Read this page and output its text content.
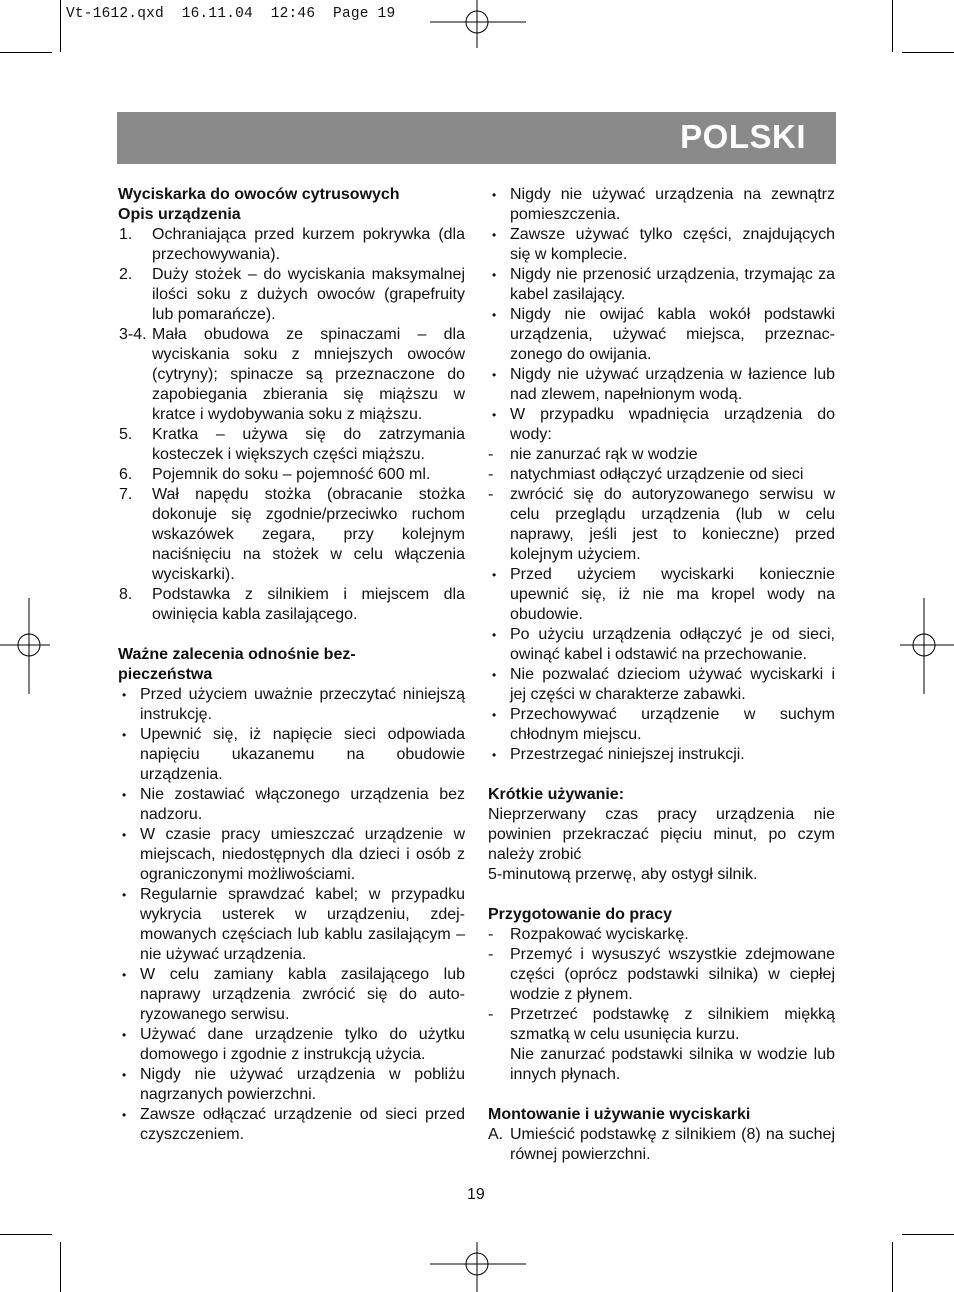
Vt-1612.qxd  16.11.04  12:46  Page 19
POLSKI
Wyciskarka do owoców cytrusowych
Opis urządzenia
1. Ochraniająca przed kurzem pokrywka (dla przechowywania).
2. Duży stożek – do wyciskania maksymalnej ilości soku z dużych owoców (grapefruity lub pomarańcze).
3-4. Mała obudowa ze spinaczami – dla wyciskania soku z mniejszych owoców (cytryny); spinacze są przeznaczone do zapobiegania zbierania się miąższu w kratce i wydobywania soku z miąższu.
5. Kratka – używa się do zatrzymania kosteczek i większych części miąższu.
6. Pojemnik do soku – pojemność 600 ml.
7. Wał napędu stożka (obracanie stożka dokonuje się zgodnie/przeciwko ruchom wskazówek zegara, przy kolejnym naciśnięciu na stożek w celu włączenia wyciskarki).
8. Podstawka z silnikiem i miejscem dla owinięcia kabla zasilającego.
Ważne zalecenia odnośnie bez-
pieczeństwa
• Przed użyciem uważnie przeczytać niniejszą instrukcję.
• Upewnić się, iż napięcie sieci odpowiada napięciu ukazanemu na obudowie urządzenia.
• Nie zostawiać włączonego urządzenia bez nadzoru.
• W czasie pracy umieszczać urządzenie w miejscach, niedostępnych dla dzieci i osób z ograniczonymi możliwościami.
• Regularnie sprawdzać kabel; w przypadku wykrycia usterek w urządzeniu, zdejmowanych częściach lub kablu zasilającym – nie używać urządzenia.
• W celu zamiany kabla zasilającego lub naprawy urządzenia zwrócić się do autoryzowanego serwisu.
• Używać dane urządzenie tylko do użytku domowego i zgodnie z instrukcją użycia.
• Nigdy nie używać urządzenia w pobliżu nagrzanych powierzchni.
• Zawsze odłączać urządzenie od sieci przed czyszczeniem.
• Nigdy nie używać urządzenia na zewnątrz pomieszczenia.
• Zawsze używać tylko części, znajdujących się w komplecie.
• Nigdy nie przenosić urządzenia, trzymając za kabel zasilający.
• Nigdy nie owijać kabla wokół podstawki urządzenia, używać miejsca, przeznaczonego do owijania.
• Nigdy nie używać urządzenia w łazience lub nad zlewem, napełnionym wodą.
• W przypadku wpadnięcia urządzenia do wody:
- nie zanurzać rąk w wodzie
- natychmiast odłączyć urządzenie od sieci
- zwrócić się do autoryzowanego serwisu w celu przeglądu urządzenia (lub w celu naprawy, jeśli jest to konieczne) przed kolejnym użyciem.
• Przed użyciem wyciskarki koniecznie upewnić się, iż nie ma kropel wody na obudowie.
• Po użyciu urządzenia odłączyć je od sieci, owinąć kabel i odstawić na przechowanie.
• Nie pozwalać dzieciom używać wyciskarki i jej części w charakterze zabawki.
• Przechowywać urządzenie w suchym chłodnym miejscu.
• Przestrzegać niniejszej instrukcji.
Krótkie używanie:
Nieprzerwany czas pracy urządzenia nie powinien przekraczać pięciu minut, po czym należy zrobić
5-minutową przerwę, aby ostygł silnik.
Przygotowanie do pracy
- Rozpakować wyciskarkę.
- Przemyć i wysuszyć wszystkie zdejmowane części (oprócz podstawki silnika) w ciepłej wodzie z płynem.
- Przetrzeć podstawkę z silnikiem miękką szmatką w celu usunięcia kurzu.
Nie zanurzać podstawki silnika w wodzie lub innych płynach.
Montowanie i używanie wyciskarki
A. Umieścić podstawkę z silnikiem (8) na suchej równej powierzchni.
19
